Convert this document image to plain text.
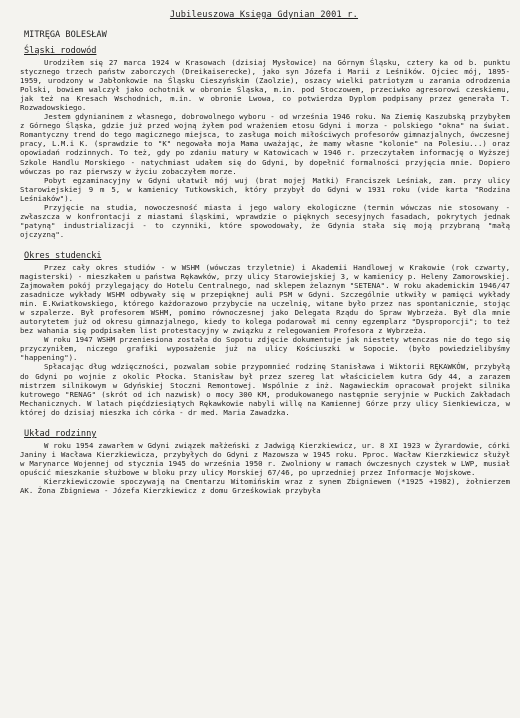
Jubileuszowa Księga Gdynian 2001 r.
MITRĘGA BOLESŁAW
Śląski rodowód

Urodziłem się 27 marca 1924 w Krasowach (dzisiaj Mysłowice) na Górnym Śląsku, cztery ka od b. punktu stycznego trzech państw zaborczych (Dreikaiserecke), jako syn Józefa i Marii z Leśników. Ojciec mój, 1895-1959, urodzony w Jabłonkowie na Śląsku Cieszyńskim (Zaolzie), oszacy wielki patriotyzm u zarania odrodzenia Polski, bowiem walczył jako ochotnik w obronie Śląska, m.in. pod Stoczowem, przeciwko agresorowi czeskiemu, jak też na Kresach Wschodnich, m.in. w obronie Lwowa, co potwierdza Dyplom podpisany przez generała T. Rozwadowskiego.

Jestem gdynianinem z własnego, dobrowolnego wyboru - od września 1946 roku. Na Ziemię Kaszubską przybyłem z Górnego Śląska, gdzie już przed wojną żyłem pod wrażeniem etosu Gdyni i morza - polskiego "okna" na świat. Romantyczny trend do tego magicznego miejsca, to zasługa moich miłościwych profesorów gimnazjalnych, ówczesnej pracy, L.M.i K. (sprawdzie to "K" negowała moja Mama uważając, że mamy własne "kolonie" na Polesiu...) oraz opowiadań rodzinnych. To też, gdy po zdaniu matury w Katowicach w 1946 r. przeczytałem informację o Wyższej Szkole Handlu Morskiego - natychmiast udałem się do Gdyni, by dopełnić formalności przyjęcia mnie. Dopiero wówczas po raz pierwszy w życiu zobaczyłem morze.

Pobyt egzaminacyjny w Gdyni ułatwił mój wuj (brat mojej Matki) Franciszek Leśniak, zam. przy ulicy Starowiejskiej 9 m 5, w kamienicy Tutkowskich, który przybył do Gdyni w 1931 roku (vide karta "Rodzina Leśniaków").

Przyjęcie na studia, nowoczesność miasta i jego walory ekologiczne (termin wówczas nie stosowany - zwłaszcza w konfrontacji z miastami śląskimi, wprawdzie o pięknych secesyjnych fasadach, pokrytych jednak "patyną" industrializacji - to czynniki, które spowodowały, że Gdynia stała się moją przybraną "małą ojczyzną".

Okres studencki

Przez cały okres studiów - w WSHM (wówczas trzyletnie) i Akademii Handlowej w Krakowie (rok czwarty, magisterski) - mieszkałem u państwa Rękawków, przy ulicy Starowiejskiej 3, w kamienicy p. Heleny Zamorowskiej. Zajmowałem pokój przylegający do Hotelu Centralnego, nad sklepem żelaznym "SETENA". W roku akademickim 1946/47 zasadnicze wykłady WSHM odbywały się w przepięknej auli PSM w Gdyni. Szczególnie utkwiły w pamięci wykłady min. E.Kwiatkowskiego, którego każdorazowo przybycie na uczelnię, witane było przez nas spontanicznie, stojąc w szpalerze. Był profesorem WSHM, pomimo równoczesnej jako Delegata Rządu do Spraw Wybrzeża. Był dla mnie autorytetem już od okresu gimnazjalnego, kiedy to kolega podarował mi cenny egzemplarz "Dysproporcji"; to też bez wahania się podpisałem list protestacyjny w związku z relegowaniem Profesora z Wybrzeża.

W roku 1947 WSHM przeniesiona została do Sopotu zdjęcie dokumentuje jak niestety wtenczas nie do tego się przyczyniłem, niczego grafiki wyposażenie już na ulicy Kościuszki w Sopocie. (było powiedzielibyśmy "happening").

Spłacając dług wdzięczności, pozwalam sobie przypomnieć rodzinę Stanisława i Wiktorii RĘKAWKÓW, przybyłą do Gdyni po wojnie z okolic Płocka. Stanisław był przez szereg lat właścicielem kutra Gdy 44, a zarazem mistrzem silnikowym w Gdyńskiej Stoczni Remontowej. Wspólnie z inż. Nagawieckim opracował projekt silnika kutrowego "RENAG" (skrót od ich nazwisk) o mocy 300 KM, produkowanego następnie seryjnie w Puckich Zakładach Mechanicznych. W latach pięćdziesiątych Rękawkowie nabyli willę na Kamiennej Górze przy ulicy Sienkiewicza, w której do dzisiaj mieszka ich córka - dr med. Maria Zawadzka.

Układ rodzinny

W roku 1954 zawarłem w Gdyni związek małżeński z Jadwigą Kierzkiewicz, ur. 8 XI 1923 w Żyrardowie, córki Janiny i Wacława Kierzkiewicza, przybyłych do Gdyni z Mazowsza w 1945 roku. Pproc. Wacław Kierzkiewicz służył w Marynarce Wojennej od stycznia 1945 do września 1950 r. Zwolniony w ramach ówczesnych czystek w LWP, musiał opuścić mieszkanie służbowe w bloku przy ulicy Morskiej 67/46, po uprzedniej przez Informacje Wojskowe.

Kierzkiewiczowie spoczywają na Cmentarzu Witomińskim wraz z synem Zbigniewem (*1925 +1982), żołnierzem AK. Żona Zbigniewa - Józefa Kierzkiewicz z domu Grześkowiak przybyła
